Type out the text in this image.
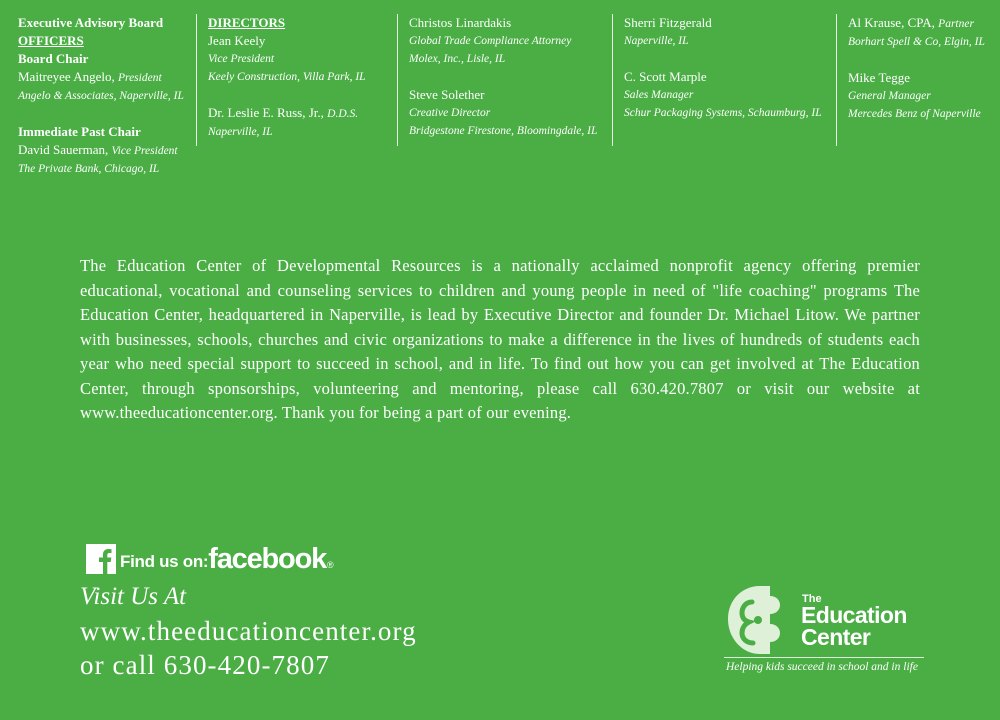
Executive Advisory Board
OFFICERS
Board Chair
Maitreyee Angelo, President
Angelo & Associates, Naperville, IL
Immediate Past Chair
David Sauerman, Vice President
The Private Bank, Chicago, IL
DIRECTORS
Jean Keely
Vice President
Keely Construction, Villa Park, IL
Dr. Leslie E. Russ, Jr., D.D.S.
Naperville, IL
Christos Linardakis
Global Trade Compliance Attorney
Molex, Inc., Lisle, IL
Steve Solether
Creative Director
Bridgestone Firestone, Bloomingdale, IL
Sherri Fitzgerald
Naperville, IL
C. Scott Marple
Sales Manager
Schur Packaging Systems, Schaumburg, IL
Al Krause, CPA, Partner
Borhart Spell & Co, Elgin, IL
Mike Tegge
General Manager
Mercedes Benz of Naperville
The Education Center of Developmental Resources is a nationally acclaimed nonprofit agency offering premier educational, vocational and counseling services to children and young people in need of "life coaching" programs The Education Center, headquartered in Naperville, is lead by Executive Director and founder Dr. Michael Litow. We partner with businesses, schools, churches and civic organizations to make a difference in the lives of hundreds of students each year who need special support to succeed in school, and in life. To find out how you can get involved at The Education Center, through sponsorships, volunteering and mentoring, please call 630.420.7807 or visit our website at www.theeducationcenter.org. Thank you for being a part of our evening.
Find us on: facebook ®
Visit Us At
www.theeducationcenter.org
or call 630-420-7807
The
Education
Center
Helping kids succeed in school and in life
